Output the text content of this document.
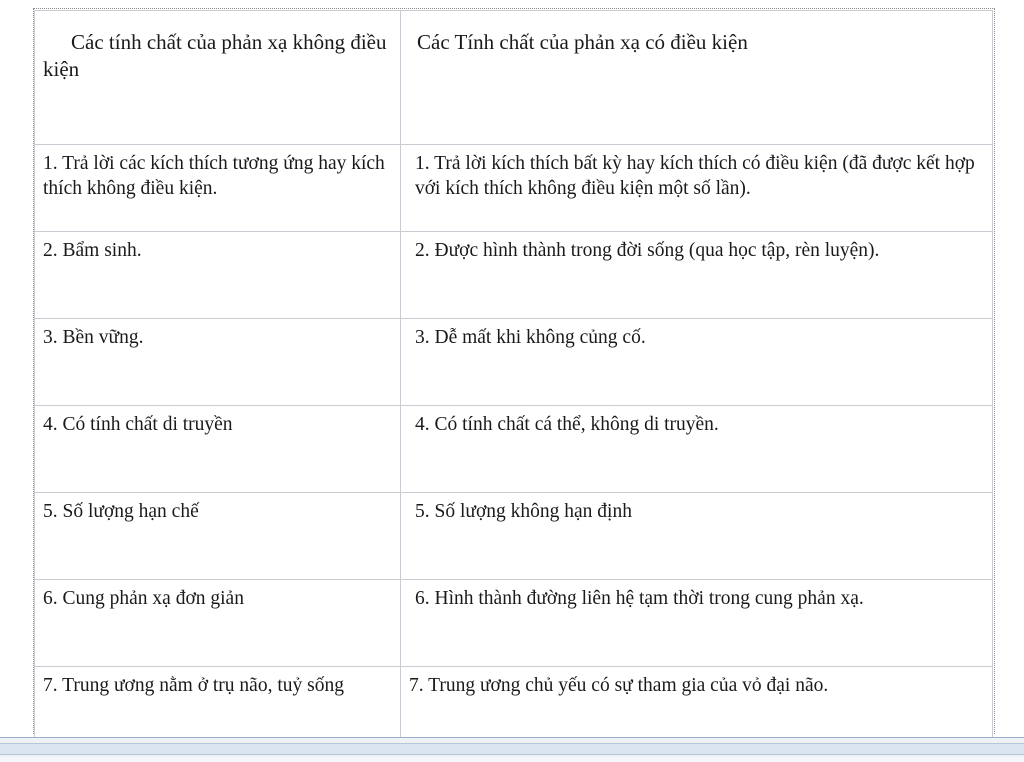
Các tính chất của phản xạ không điều kiện	Các Tính chất của phản xạ có điều kiện

1. Trả lời các kích thích tương ứng hay kích thích không điều kiện.	1. Trả lời kích thích bất kỳ hay kích thích có điều kiện (đã được kết hợp với kích thích không điều kiện một số lần).
2. Bẩm sinh.	2. Được hình thành trong đời sống (qua học tập, rèn luyện).
3. Bền vững.	3. Dễ mất khi không củng cố.
4. Có tính chất di truyền	4. Có tính chất cá thể, không di truyền.
5. Số lượng hạn chế	5. Số lượng không hạn định
6. Cung phản xạ đơn giản	6. Hình thành đường liên hệ tạm thời trong cung phản xạ.
7. Trung ương nằm ở trụ não, tuỷ sống	7. Trung ương chủ yếu có sự tham gia của vỏ đại não.
